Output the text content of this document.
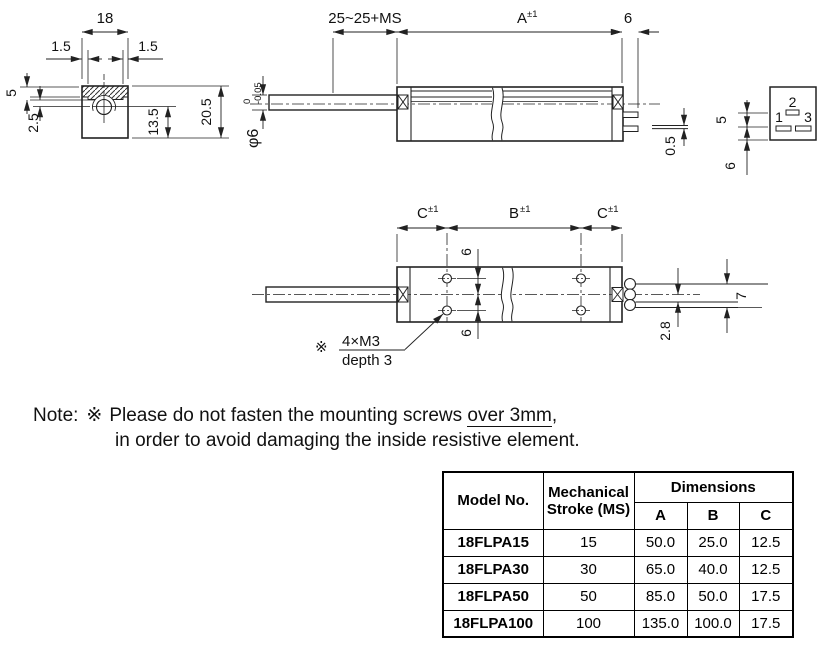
18
1.5	1.5
5
2.5	13.5	20.5
25~25+MS	A ±1	6
φ6
0 -0.05
0.5
2
1 3
5
6
C ±1	B ±1	C ±1
6
6
7
2.8
※ 4×M3
depth 3
Note: ※ Please do not fasten the mounting screws over 3mm,
in order to avoid damaging the inside resistive element.
Model No.	Mechanical Stroke (MS)	Dimensions		
		A	B	C
18FLPA15	15	50.0	25.0	12.5
18FLPA30	30	65.0	40.0	12.5
18FLPA50	50	85.0	50.0	17.5
18FLPA100	100	135.0	100.0	17.5
